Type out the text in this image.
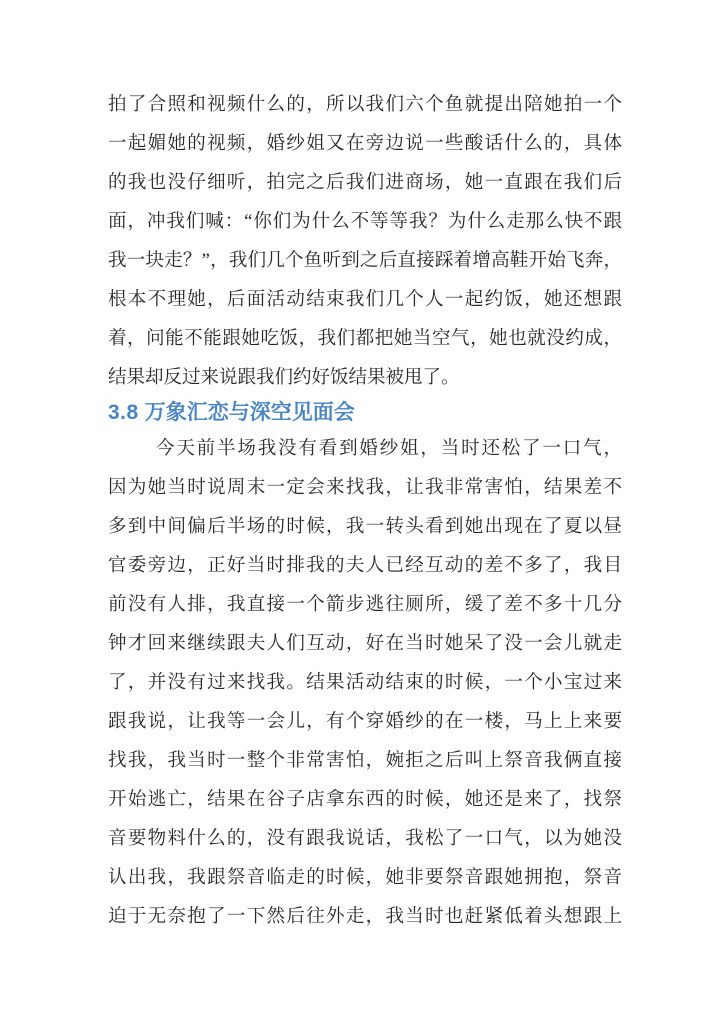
拍了合照和视频什么的，所以我们六个鱼就提出陪她拍一个
一起媚她的视频，婚纱姐又在旁边说一些酸话什么的，具体
的我也没仔细听，拍完之后我们进商场，她一直跟在我们后
面，冲我们喊：“你们为什么不等等我？为什么走那么快不跟
我一块走？”，我们几个鱼听到之后直接踩着增高鞋开始飞奔，
根本不理她，后面活动结束我们几个人一起约饭，她还想跟
着，问能不能跟她吃饭，我们都把她当空气，她也就没约成，
结果却反过来说跟我们约好饭结果被甩了。
3.8 万象汇恋与深空见面会
今天前半场我没有看到婚纱姐，当时还松了一口气，
因为她当时说周末一定会来找我，让我非常害怕，结果差不
多到中间偏后半场的时候，我一转头看到她出现在了夏以昼
官委旁边，正好当时排我的夫人已经互动的差不多了，我目
前没有人排，我直接一个箭步逃往厕所，缓了差不多十几分
钟才回来继续跟夫人们互动，好在当时她呆了没一会儿就走
了，并没有过来找我。结果活动结束的时候，一个小宝过来
跟我说，让我等一会儿，有个穿婚纱的在一楼，马上上来要
找我，我当时一整个非常害怕，婉拒之后叫上祭音我俩直接
开始逃亡，结果在谷子店拿东西的时候，她还是来了，找祭
音要物料什么的，没有跟我说话，我松了一口气，以为她没
认出我，我跟祭音临走的时候，她非要祭音跟她拥抱，祭音
迫于无奈抱了一下然后往外走，我当时也赶紧低着头想跟上
